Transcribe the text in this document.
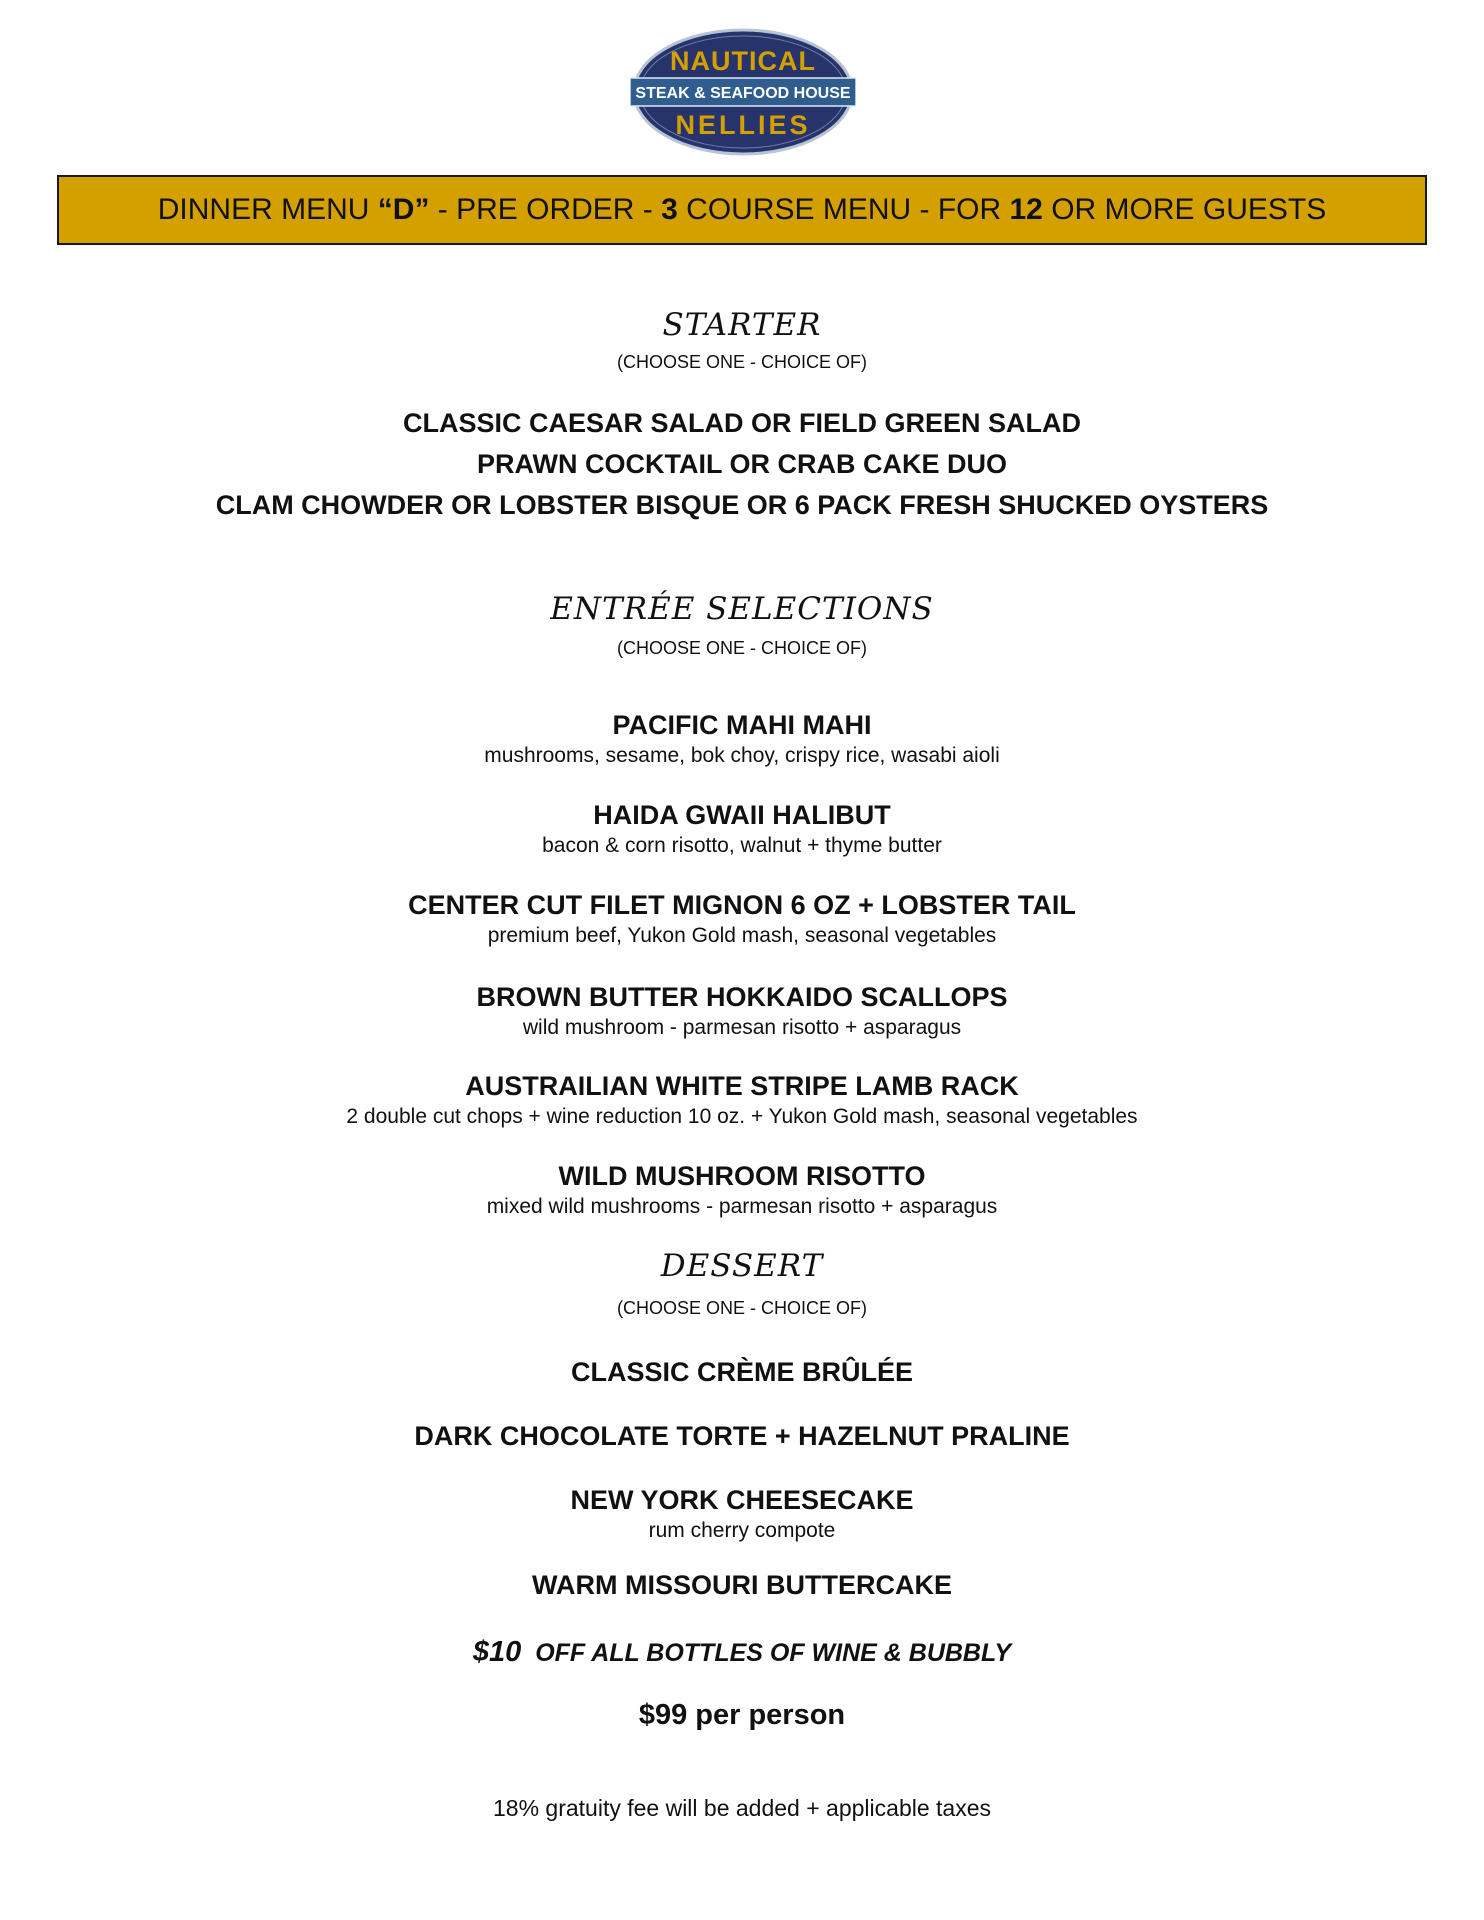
NAUTICAL
STEAK & SEAFOOD HOUSE
NELLIES
DINNER MENU “D” - PRE ORDER - 3 COURSE MENU - FOR 12 OR MORE GUESTS
STARTER
(CHOOSE ONE - CHOICE OF)
CLASSIC CAESAR SALAD OR FIELD GREEN SALAD
PRAWN COCKTAIL OR CRAB CAKE DUO
CLAM CHOWDER OR LOBSTER BISQUE OR 6 PACK FRESH SHUCKED OYSTERS
ENTRÉE SELECTIONS
(CHOOSE ONE - CHOICE OF)
PACIFIC MAHI MAHI
mushrooms, sesame, bok choy, crispy rice, wasabi aioli
HAIDA GWAII HALIBUT
bacon & corn risotto, walnut + thyme butter
CENTER CUT FILET MIGNON 6 OZ + LOBSTER TAIL
premium beef, Yukon Gold mash, seasonal vegetables
BROWN BUTTER HOKKAIDO SCALLOPS
wild mushroom - parmesan risotto + asparagus
AUSTRAILIAN WHITE STRIPE LAMB RACK
2 double cut chops + wine reduction 10 oz. + Yukon Gold mash, seasonal vegetables
WILD MUSHROOM RISOTTO
mixed wild mushrooms - parmesan risotto + asparagus
DESSERT
(CHOOSE ONE - CHOICE OF)
CLASSIC CRÈME BRÛLÉE
DARK CHOCOLATE TORTE + HAZELNUT PRALINE
NEW YORK CHEESECAKE
rum cherry compote
WARM MISSOURI BUTTERCAKE
$10 OFF ALL BOTTLES OF WINE & BUBBLY
$99 per person
18% gratuity fee will be added + applicable taxes
